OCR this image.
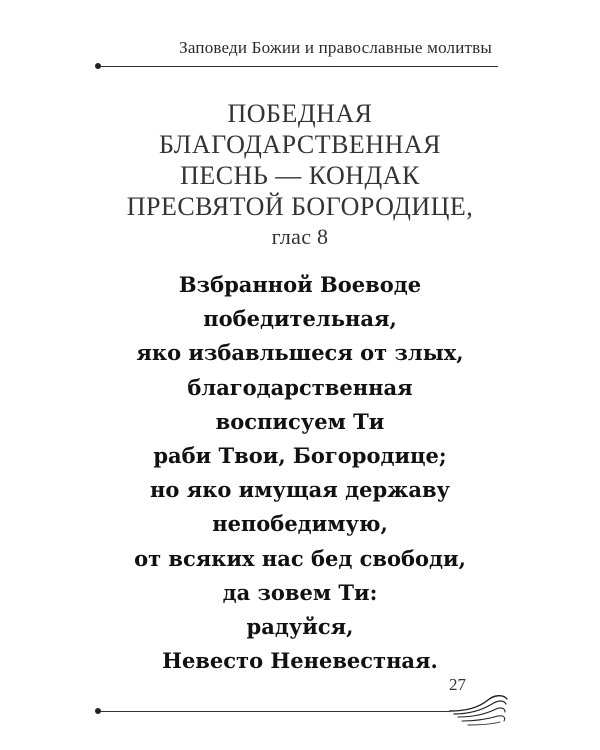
Заповеди Божии и православные молитвы
ПОБЕДНАЯ
БЛАГОДАРСТВЕННАЯ
ПЕСНЬ — КОНДАК
ПРЕСВЯТОЙ БОГОРОДИЦЕ,
глас 8
Взбранной Воеводе
победительная,
яко избавльшеся от злых,
благодарственная
восписуем Ти
раби Твои, Богородице;
но яко имущая державу
непобедимую,
от всяких нас бед свободи,
да зовем Ти:
радуйся,
Невесто Неневестная.
27
